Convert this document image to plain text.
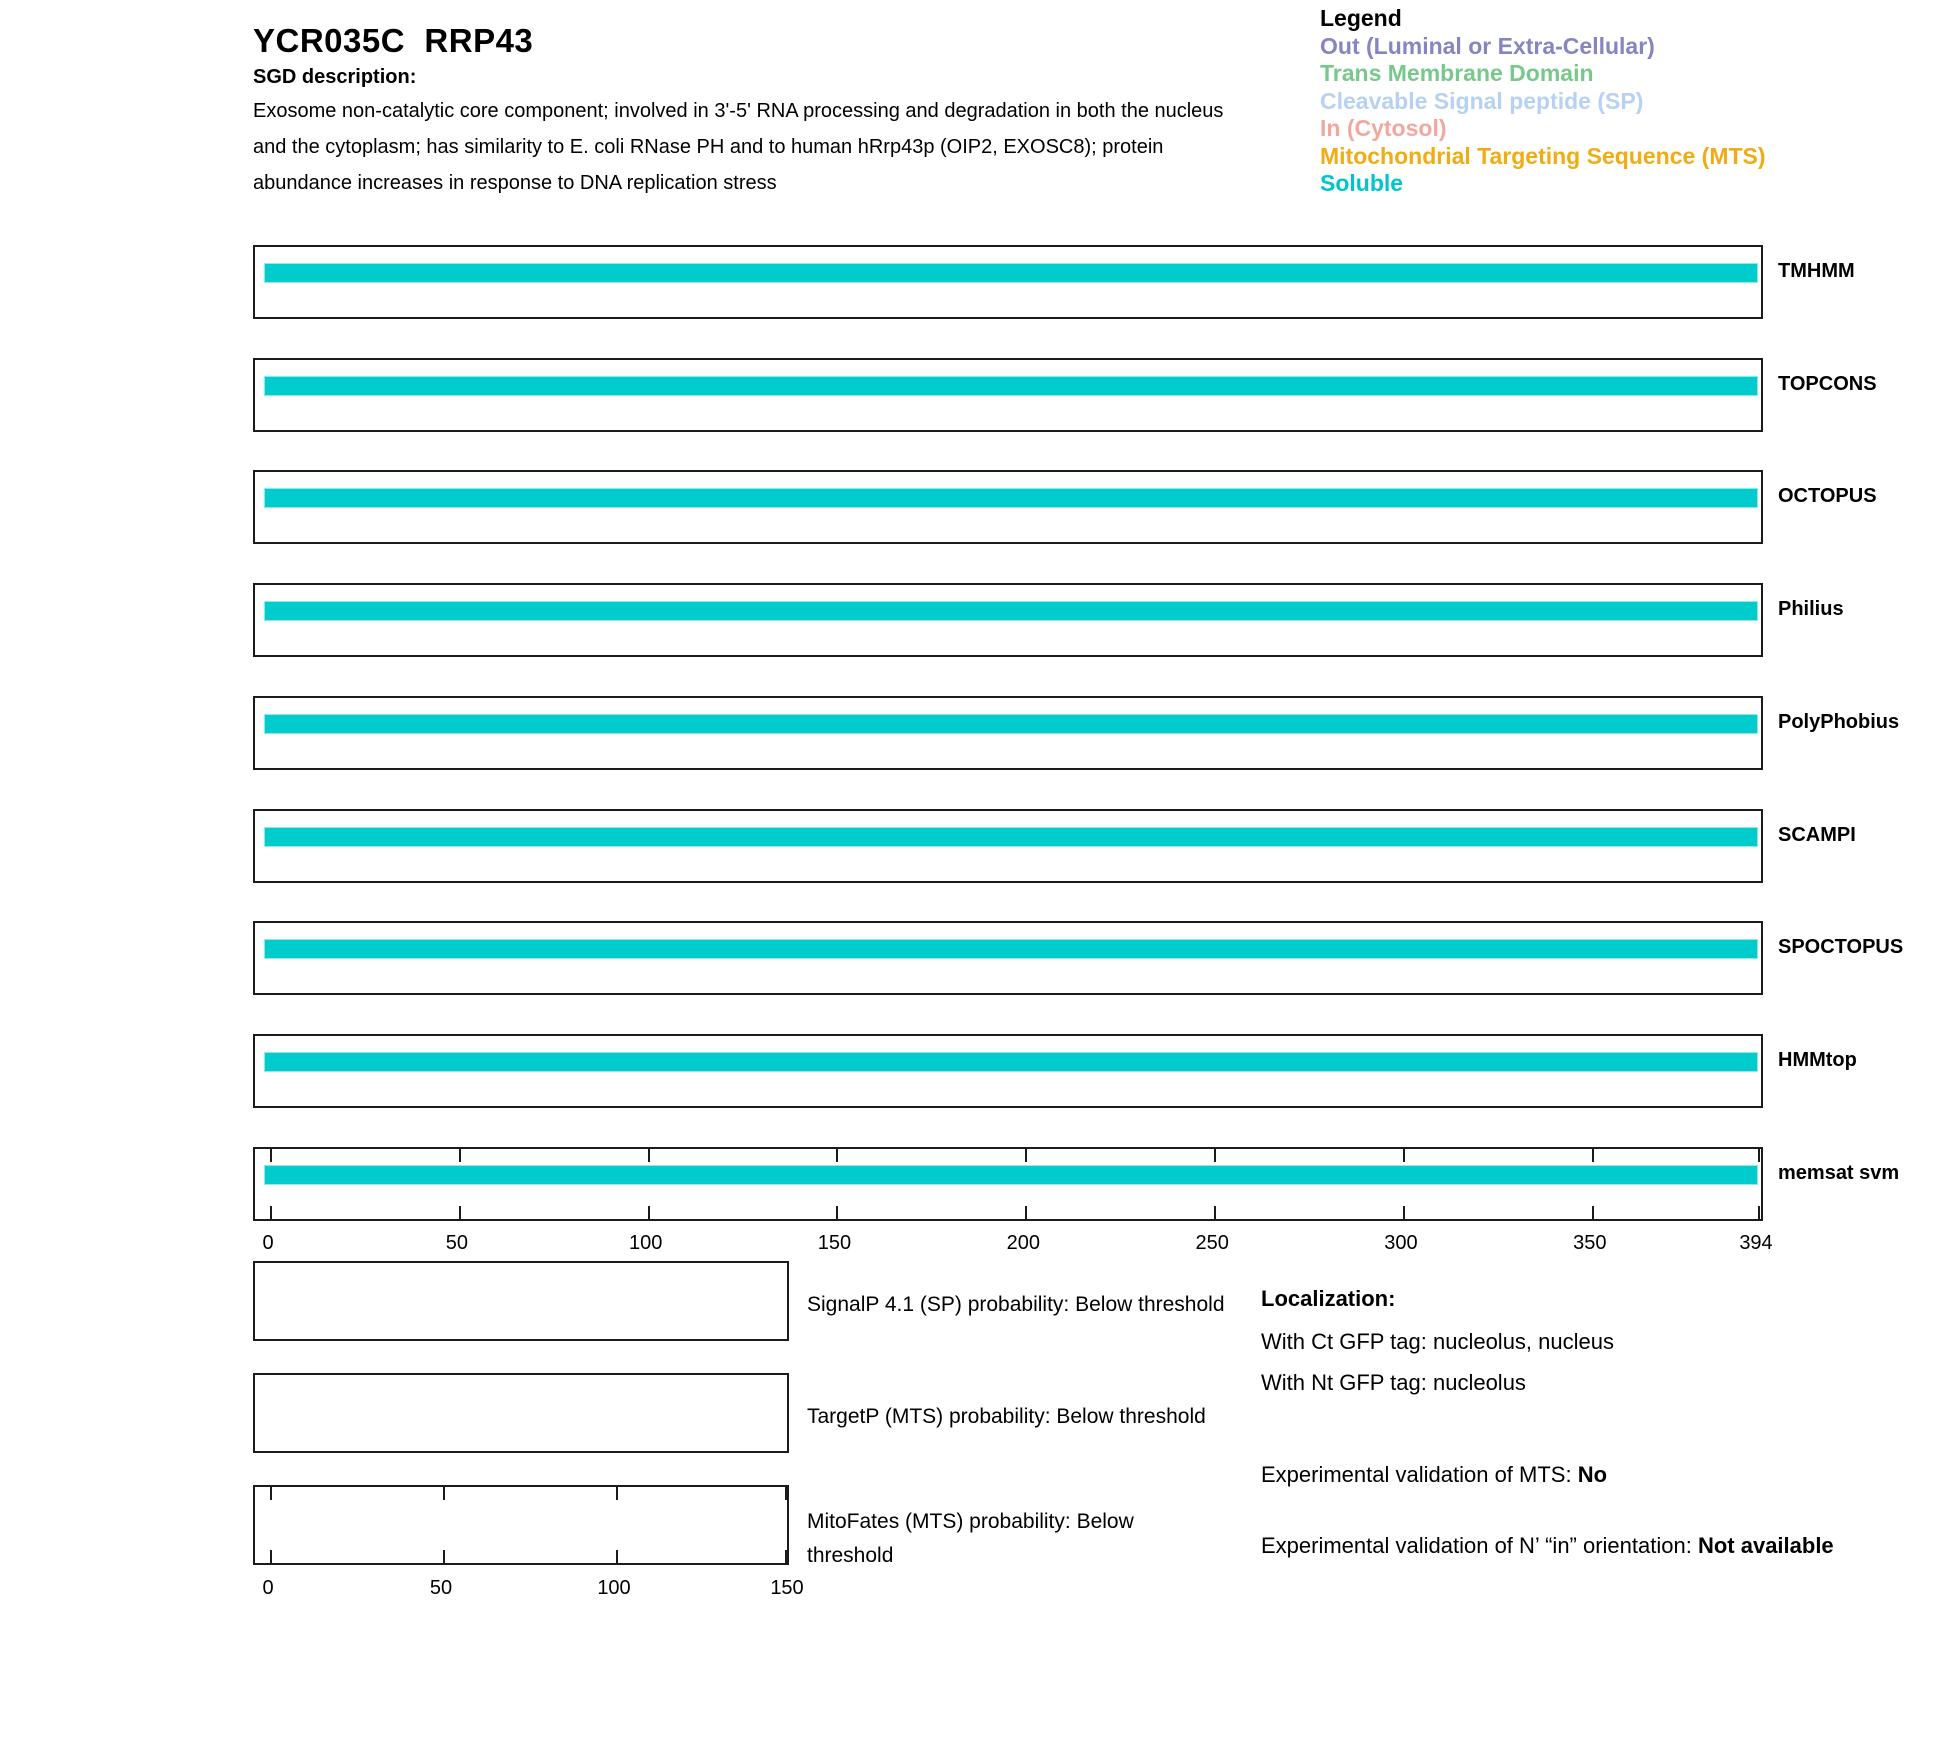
YCR035C  RRP43
SGD description:
Exosome non-catalytic core component; involved in 3'-5' RNA processing and degradation in both the nucleus
and the cytoplasm; has similarity to E. coli RNase PH and to human hRrp43p (OIP2, EXOSC8); protein
abundance increases in response to DNA replication stress
Legend
Out (Luminal or Extra-Cellular)
Trans Membrane Domain
Cleavable Signal peptide (SP)
In (Cytosol)
Mitochondrial Targeting Sequence (MTS)
Soluble
TMHMM
TOPCONS
OCTOPUS
Philius
PolyPhobius
SCAMPI
SPOCTOPUS
HMMtop
memsat svm
0	50	100	150	200	250	300	350	394
0	50	100	150
SignalP 4.1 (SP) probability: Below threshold
TargetP (MTS) probability: Below threshold
MitoFates (MTS) probability: Below threshold
Localization:
With Ct GFP tag: nucleolus, nucleus
With Nt GFP tag: nucleolus
Experimental validation of MTS: No
Experimental validation of N’ “in” orientation: Not available
